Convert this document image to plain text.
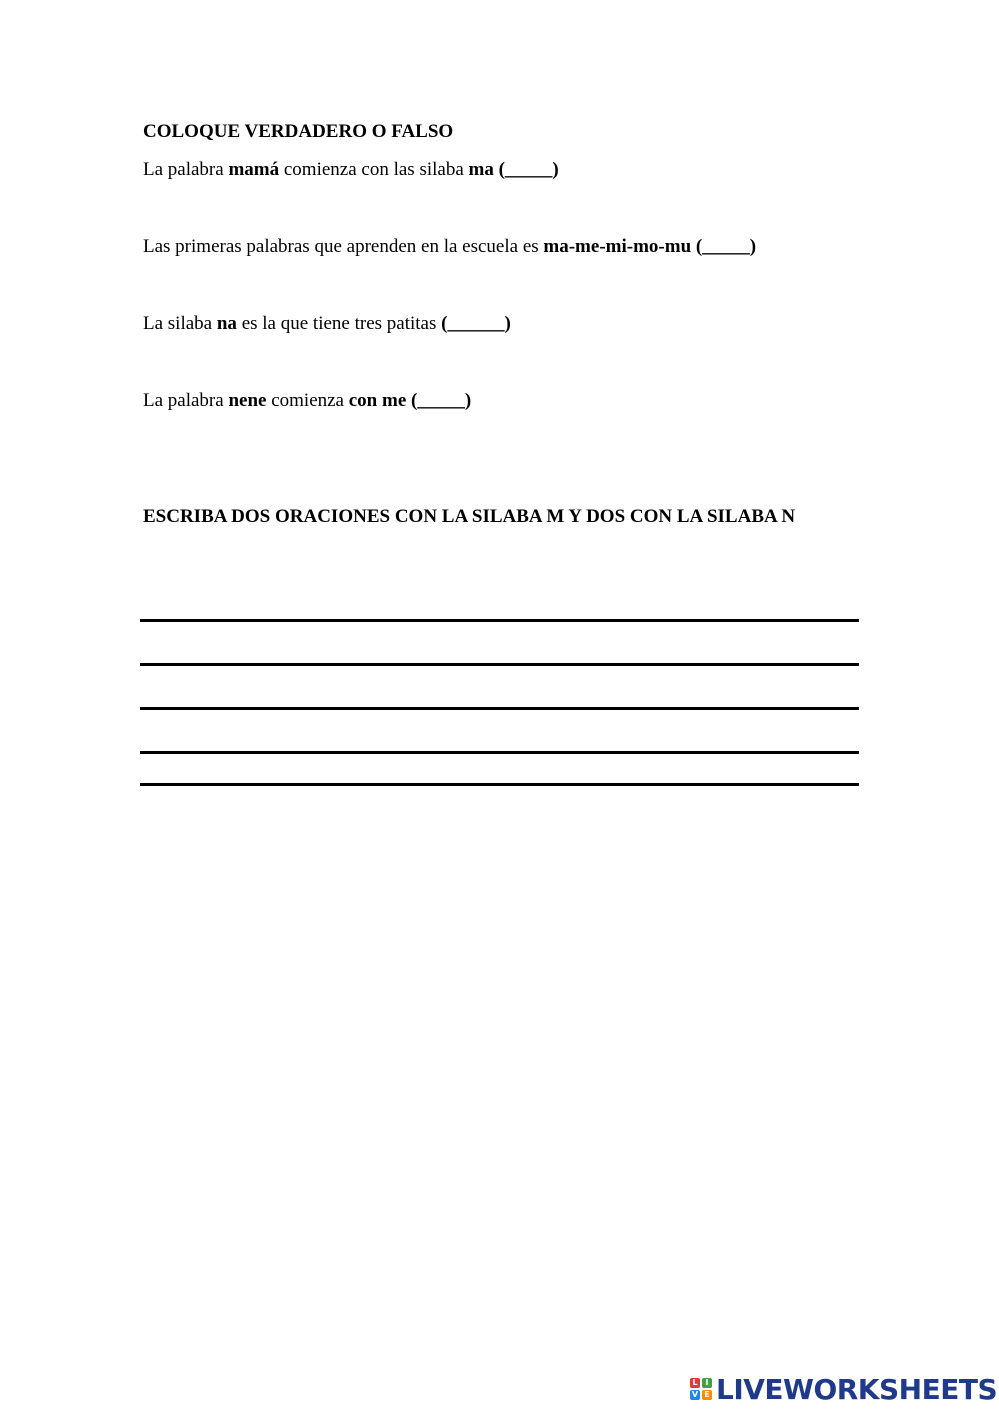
COLOQUE VERDADERO O FALSO
La palabra mamá comienza con las silaba ma (_____)
Las primeras palabras que aprenden en la escuela es ma-me-mi-mo-mu (_____)
La silaba na es la que tiene tres patitas (______)
La palabra nene comienza con me (_____)
ESCRIBA DOS ORACIONES CON LA SILABA M Y DOS CON LA SILABA N
L I
V E LIVEWORKSHEETS
